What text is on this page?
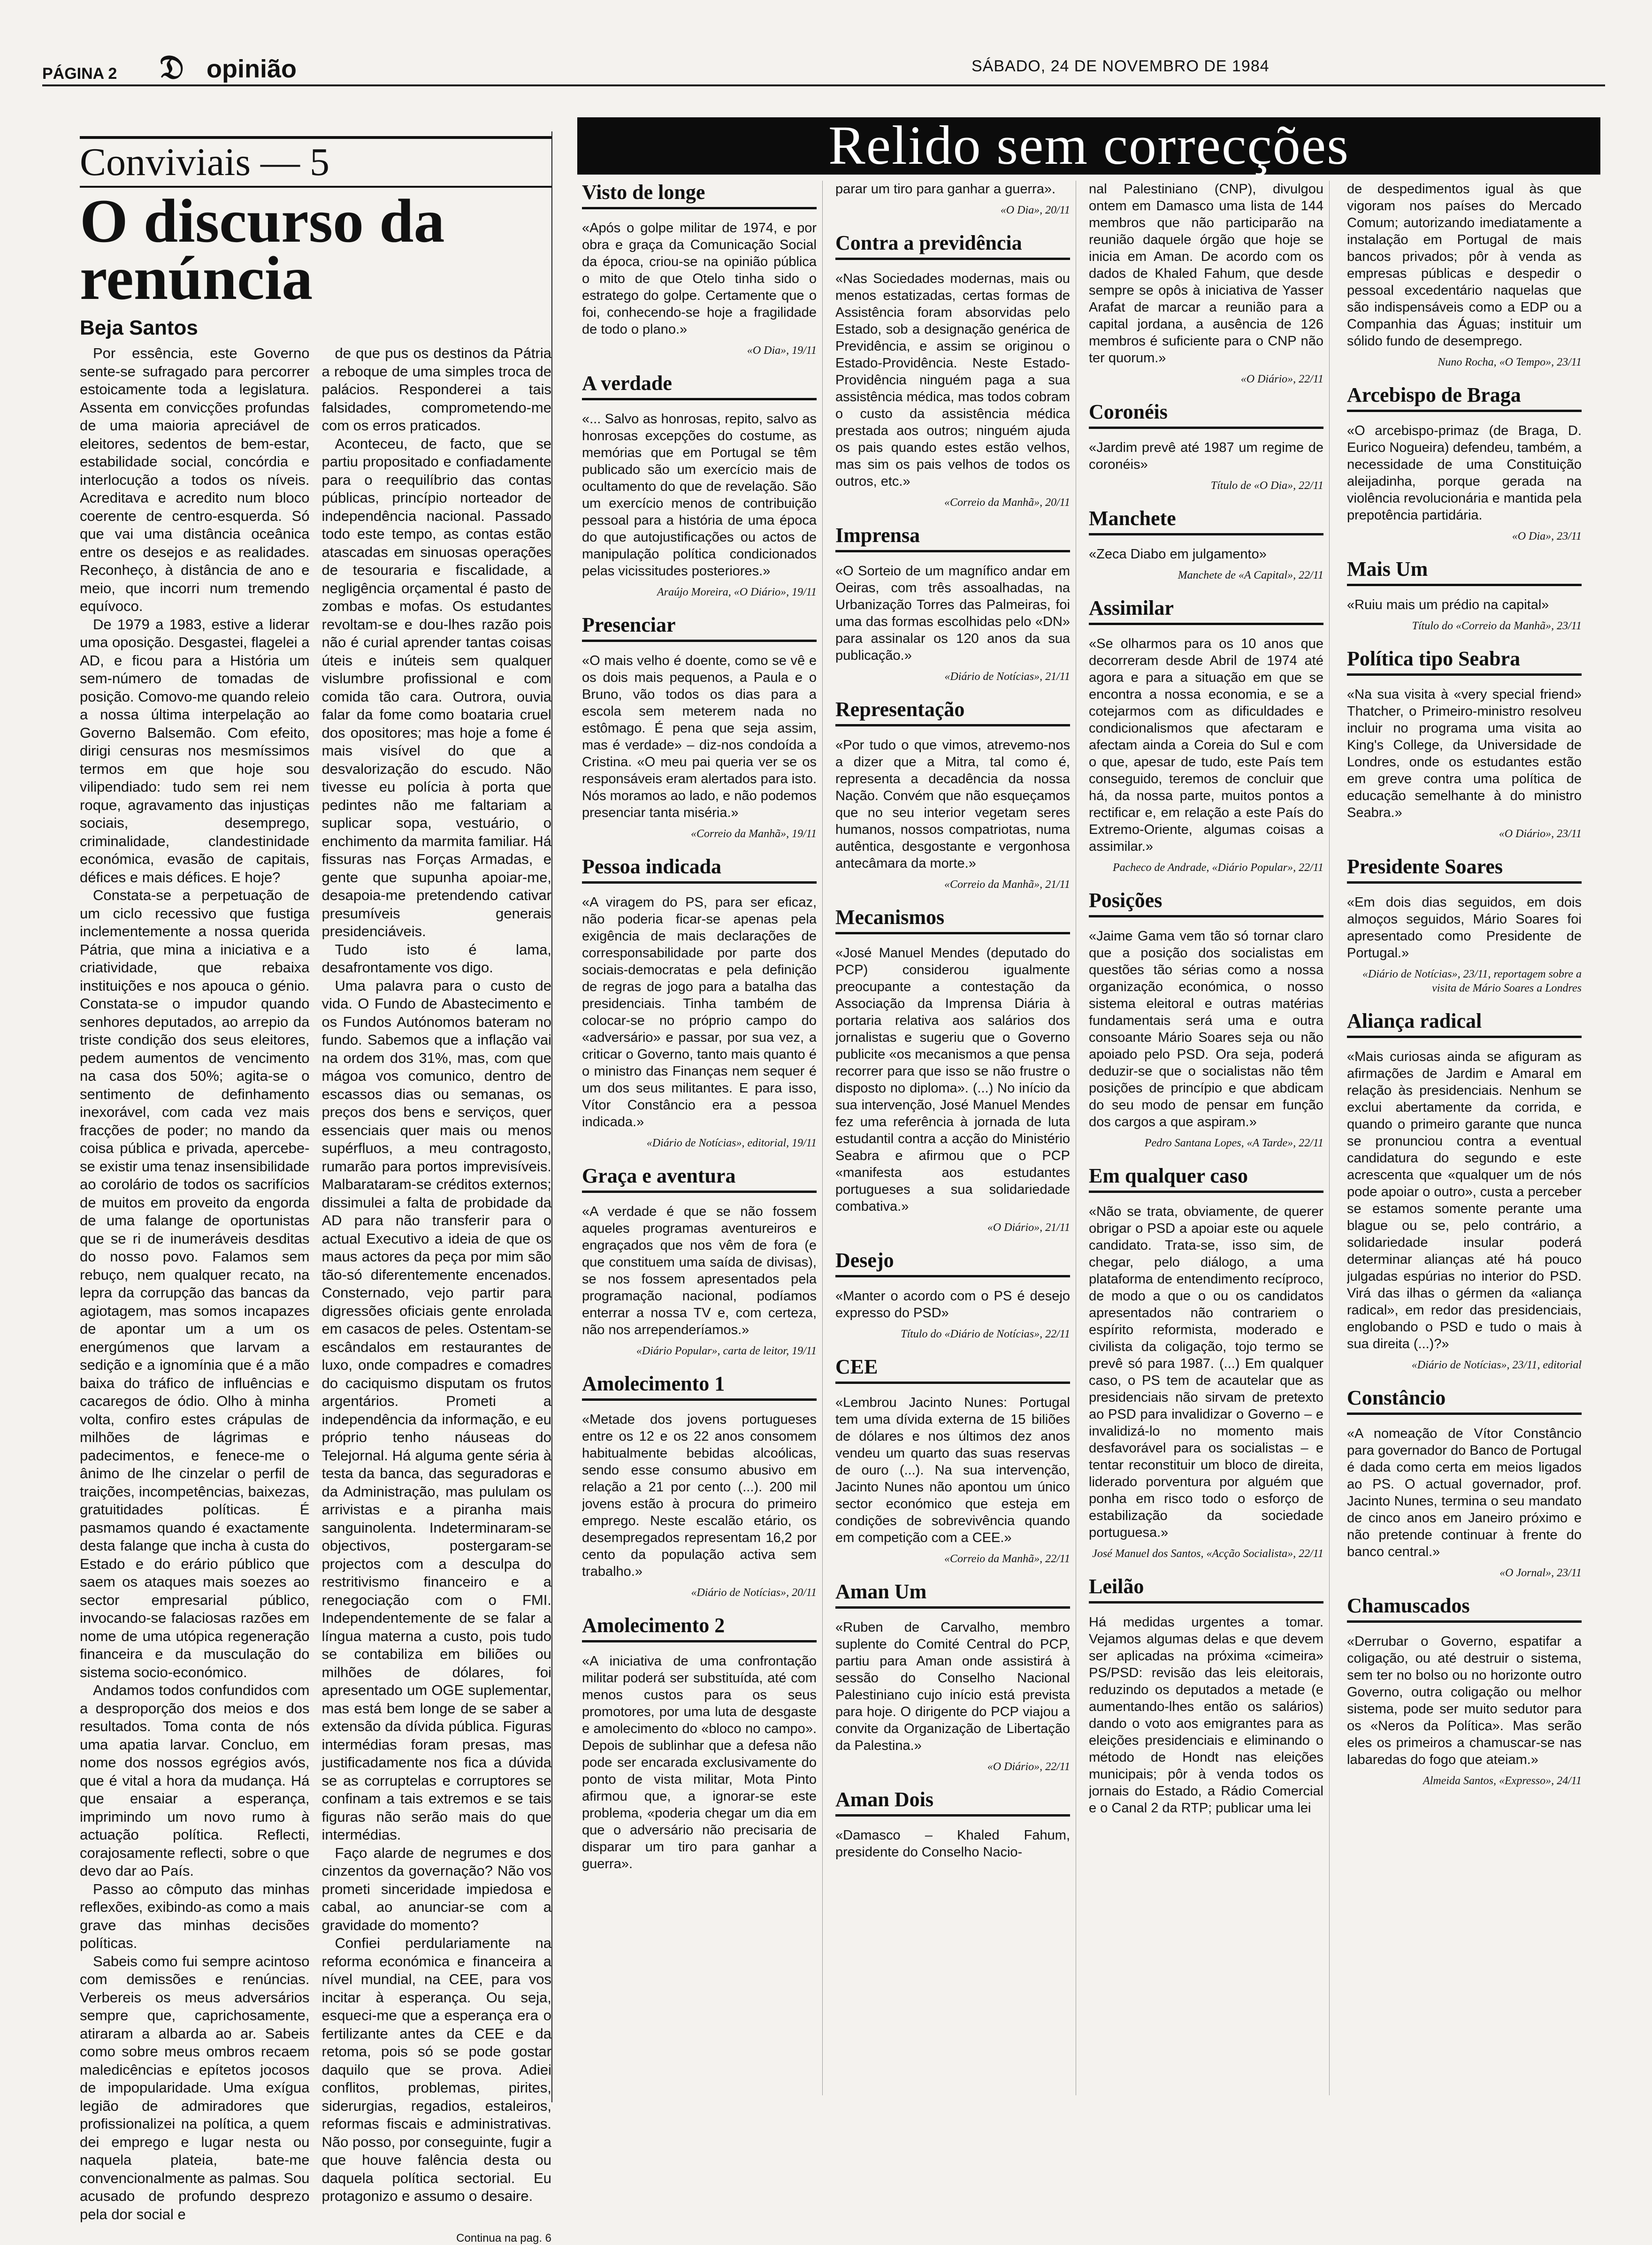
PÁGINA 2 𝔇 opinião	SÁBADO, 24 DE NOVEMBRO DE 1984
Conviviais — 5
O discurso da renúncia
Beja Santos

Por essência, este Governo sente-se sufragado para percorrer estoicamente toda a legislatura. Assenta em convicções profundas de uma maioria apreciável de eleitores, sedentos de bem-estar, estabilidade social, concórdia e interlocução a todos os níveis. Acreditava e acredito num bloco coerente de centro-esquerda. Só que vai uma distância oceânica entre os desejos e as realidades. Reconheço, à distância de ano e meio, que incorri num tremendo equívoco.

De 1979 a 1983, estive a liderar uma oposição. Desgastei, flagelei a AD, e ficou para a História um sem-número de tomadas de posição. Comovo-me quando releio a nossa última interpelação ao Governo Balsemão. Com efeito, dirigi censuras nos mesmíssimos termos em que hoje sou vilipendiado: tudo sem rei nem roque, agravamento das injustiças sociais, desemprego, criminalidade, clandestinidade económica, evasão de capitais, défices e mais défices. E hoje?

Constata-se a perpetuação de um ciclo recessivo que fustiga inclementemente a nossa querida Pátria, que mina a iniciativa e a criatividade, que rebaixa instituições e nos apouca o génio. Constata-se o impudor quando senhores deputados, ao arrepio da triste condição dos seus eleitores, pedem aumentos de vencimento na casa dos 50%; agita-se o sentimento de definhamento inexorável, com cada vez mais fracções de poder; no mando da coisa pública e privada, apercebe-se existir uma tenaz insensibilidade ao corolário de todos os sacrifícios de muitos em proveito da engorda de uma falange de oportunistas que se ri de inumeráveis desditas do nosso povo. Falamos sem rebuço, nem qualquer recato, na lepra da corrupção das bancas da agiotagem, mas somos incapazes de apontar um a um os energúmenos que larvam a sedição e a ignomínia que é a mão baixa do tráfico de influências e cacaregos de ódio. Olho à minha volta, confiro estes crápulas de milhões de lágrimas e padecimentos, e fenece-me o ânimo de lhe cinzelar o perfil de traições, incompetências, baixezas, gratuitidades políticas. É pasmamos quando é exactamente desta falange que incha à custa do Estado e do erário público que saem os ataques mais soezes ao sector empresarial público, invocando-se falaciosas razões em nome de uma utópica regeneração financeira e da musculação do sistema socio-económico.

Andamos todos confundidos com a desproporção dos meios e dos resultados. Toma conta de nós uma apatia larvar. Concluo, em nome dos nossos egrégios avós, que é vital a hora da mudança. Há que ensaiar a esperança, imprimindo um novo rumo à actuação política. Reflecti, corajosamente reflecti, sobre o que devo dar ao País.

Passo ao cômputo das minhas reflexões, exibindo-as como a mais grave das minhas decisões políticas.

Sabeis como fui sempre acintoso com demissões e renúncias. Verbereis os meus adversários sempre que, caprichosamente, atiraram a albarda ao ar. Sabeis como sobre meus ombros recaem maledicências e epítetos jocosos de impopularidade. Uma exígua legião de admiradores que profissionalizei na política, a quem dei emprego e lugar nesta ou naquela plateia, bate-me convencionalmente as palmas. Sou acusado de profundo desprezo pela dor social e

de que pus os destinos da Pátria a reboque de uma simples troca de palácios. Responderei a tais falsidades, comprometendo-me com os erros praticados.

Aconteceu, de facto, que se partiu propositado e confiadamente para o reequilíbrio das contas públicas, princípio norteador de independência nacional. Passado todo este tempo, as contas estão atascadas em sinuosas operações de tesouraria e fiscalidade, a negligência orçamental é pasto de zombas e mofas. Os estudantes revoltam-se e dou-lhes razão pois não é curial aprender tantas coisas úteis e inúteis sem qualquer vislumbre profissional e com comida tão cara. Outrora, ouvia falar da fome como boataria cruel dos opositores; mas hoje a fome é mais visível do que a desvalorização do escudo. Não tivesse eu polícia à porta que pedintes não me faltariam a suplicar sopa, vestuário, o enchimento da marmita familiar. Há fissuras nas Forças Armadas, e gente que supunha apoiar-me, desapoia-me pretendendo cativar presumíveis generais presidenciáveis.

Tudo isto é lama, desafrontamente vos digo.

Uma palavra para o custo de vida. O Fundo de Abastecimento e os Fundos Autónomos bateram no fundo. Sabemos que a inflação vai na ordem dos 31%, mas, com que mágoa vos comunico, dentro de escassos dias ou semanas, os preços dos bens e serviços, quer essenciais quer mais ou menos supérfluos, a meu contragosto, rumarão para portos imprevisíveis. Malbarataram-se créditos externos; dissimulei a falta de probidade da AD para não transferir para o actual Executivo a ideia de que os maus actores da peça por mim são tão-só diferentemente encenados. Consternado, vejo partir para digressões oficiais gente enrolada em casacos de peles. Ostentam-se escândalos em restaurantes de luxo, onde compadres e comadres do caciquismo disputam os frutos argentários. Prometi a independência da informação, e eu próprio tenho náuseas do Telejornal. Há alguma gente séria à testa da banca, das seguradoras e da Administração, mas pululam os arrivistas e a piranha mais sanguinolenta. Indeterminaram-se objectivos, postergaram-se projectos com a desculpa do restritivismo financeiro e a renegociação com o FMI. Independentemente de se falar a língua materna a custo, pois tudo se contabiliza em biliões ou milhões de dólares, foi apresentado um OGE suplementar, mas está bem longe de se saber a extensão da dívida pública. Figuras intermédias foram presas, mas justificadamente nos fica a dúvida se as corruptelas e corruptores se confinam a tais extremos e se tais figuras não serão mais do que intermédias.

Faço alarde de negrumes e dos cinzentos da governação? Não vos prometi sinceridade impiedosa e cabal, ao anunciar-se com a gravidade do momento?

Confiei perdulariamente na reforma económica e financeira a nível mundial, na CEE, para vos incitar à esperança. Ou seja, esqueci-me que a esperança era o fertilizante antes da CEE e da retoma, pois só se pode gostar daquilo que se prova. Adiei conflitos, problemas, pirites, siderurgias, regadios, estaleiros, reformas fiscais e administrativas. Não posso, por conseguinte, fugir a que houve falência desta ou daquela política sectorial. Eu protagonizo e assumo o desaire.

Continua na pag. 6
Relido sem correcções
Visto de longe
«Após o golpe militar de 1974, e por obra e graça da Comunicação Social da época, criou-se na opinião pública o mito de que Otelo tinha sido o estratego do golpe. Certamente que o foi, conhecendo-se hoje a fragilidade de todo o plano.»
«O Dia», 19/11
A verdade
«... Salvo as honrosas, repito, salvo as honrosas excepções do costume, as memórias que em Portugal se têm publicado são um exercício mais de ocultamento do que de revelação. São um exercício menos de contribuição pessoal para a história de uma época do que autojustificações ou actos de manipulação política condicionados pelas vicissitudes posteriores.»
Araújo Moreira, «O Diário», 19/11
Presenciar
«O mais velho é doente, como se vê e os dois mais pequenos, a Paula e o Bruno, vão todos os dias para a escola sem meterem nada no estômago. É pena que seja assim, mas é verdade» – diz-nos condoída a Cristina. «O meu pai queria ver se os responsáveis eram alertados para isto. Nós moramos ao lado, e não podemos presenciar tanta miséria.»
«Correio da Manhã», 19/11
Pessoa indicada
«A viragem do PS, para ser eficaz, não poderia ficar-se apenas pela exigência de mais declarações de corresponsabilidade por parte dos sociais-democratas e pela definição de regras de jogo para a batalha das presidenciais. Tinha também de colocar-se no próprio campo do «adversário» e passar, por sua vez, a criticar o Governo, tanto mais quanto é o ministro das Finanças nem sequer é um dos seus militantes. E para isso, Vítor Constâncio era a pessoa indicada.»
«Diário de Notícias», editorial, 19/11
Graça e aventura
«A verdade é que se não fossem aqueles programas aventureiros e engraçados que nos vêm de fora (e que constituem uma saída de divisas), se nos fossem apresentados pela programação nacional, podíamos enterrar a nossa TV e, com certeza, não nos arrependeríamos.»
«Diário Popular», carta de leitor, 19/11
Amolecimento 1
«Metade dos jovens portugueses entre os 12 e os 22 anos consomem habitualmente bebidas alcoólicas, sendo esse consumo abusivo em relação a 21 por cento (...). 200 mil jovens estão à procura do primeiro emprego. Neste escalão etário, os desempregados representam 16,2 por cento da população activa sem trabalho.»
«Diário de Notícias», 20/11
Amolecimento 2
«A iniciativa de uma confrontação militar poderá ser substituída, até com menos custos para os seus promotores, por uma luta de desgaste e amolecimento do «bloco no campo». Depois de sublinhar que a defesa não pode ser encarada exclusivamente do ponto de vista militar, Mota Pinto afirmou que, a ignorar-se este problema, «poderia chegar um dia em que o adversário não precisaria de disparar um tiro para ganhar a guerra».
parar um tiro para ganhar a guerra».
«O Dia», 20/11
Contra a previdência
«Nas Sociedades modernas, mais ou menos estatizadas, certas formas de Assistência foram absorvidas pelo Estado, sob a designação genérica de Previdência, e assim se originou o Estado-Providência. Neste Estado-Providência ninguém paga a sua assistência médica, mas todos cobram o custo da assistência médica prestada aos outros; ninguém ajuda os pais quando estes estão velhos, mas sim os pais velhos de todos os outros, etc.»
«Correio da Manhã», 20/11
Imprensa
«O Sorteio de um magnífico andar em Oeiras, com três assoalhadas, na Urbanização Torres das Palmeiras, foi uma das formas escolhidas pelo «DN» para assinalar os 120 anos da sua publicação.»
«Diário de Notícias», 21/11
Representação
«Por tudo o que vimos, atrevemo-nos a dizer que a Mitra, tal como é, representa a decadência da nossa Nação. Convém que não esqueçamos que no seu interior vegetam seres humanos, nossos compatriotas, numa autêntica, desgostante e vergonhosa antecâmara da morte.»
«Correio da Manhã», 21/11
Mecanismos
«José Manuel Mendes (deputado do PCP) considerou igualmente preocupante a contestação da Associação da Imprensa Diária à portaria relativa aos salários dos jornalistas e sugeriu que o Governo publicite «os mecanismos a que pensa recorrer para que isso se não frustre o disposto no diploma». (...) No início da sua intervenção, José Manuel Mendes fez uma referência à jornada de luta estudantil contra a acção do Ministério Seabra e afirmou que o PCP «manifesta aos estudantes portugueses a sua solidariedade combativa.»
«O Diário», 21/11
Desejo
«Manter o acordo com o PS é desejo expresso do PSD»
Título do «Diário de Notícias», 22/11
CEE
«Lembrou Jacinto Nunes: Portugal tem uma dívida externa de 15 biliões de dólares e nos últimos dez anos vendeu um quarto das suas reservas de ouro (...). Na sua intervenção, Jacinto Nunes não apontou um único sector económico que esteja em condições de sobrevivência quando em competição com a CEE.»
«Correio da Manhã», 22/11
Aman Um
«Ruben de Carvalho, membro suplente do Comité Central do PCP, partiu para Aman onde assistirá à sessão do Conselho Nacional Palestiniano cujo início está prevista para hoje. O dirigente do PCP viajou a convite da Organização de Libertação da Palestina.»
«O Diário», 22/11
Aman Dois
«Damasco – Khaled Fahum, presidente do Conselho Nacio-
nal Palestiniano (CNP), divulgou ontem em Damasco uma lista de 144 membros que não participarão na reunião daquele órgão que hoje se inicia em Aman. De acordo com os dados de Khaled Fahum, que desde sempre se opôs à iniciativa de Yasser Arafat de marcar a reunião para a capital jordana, a ausência de 126 membros é suficiente para o CNP não ter quorum.»
«O Diário», 22/11
Coronéis
«Jardim prevê até 1987 um regime de coronéis»
Título de «O Dia», 22/11
Manchete
«Zeca Diabo em julgamento»
Manchete de «A Capital», 22/11
Assimilar
«Se olharmos para os 10 anos que decorreram desde Abril de 1974 até agora e para a situação em que se encontra a nossa economia, e se a cotejarmos com as dificuldades e condicionalismos que afectaram e afectam ainda a Coreia do Sul e com o que, apesar de tudo, este País tem conseguido, teremos de concluir que há, da nossa parte, muitos pontos a rectificar e, em relação a este País do Extremo-Oriente, algumas coisas a assimilar.»
Pacheco de Andrade, «Diário Popular», 22/11
Posições
«Jaime Gama vem tão só tornar claro que a posição dos socialistas em questões tão sérias como a nossa organização económica, o nosso sistema eleitoral e outras matérias fundamentais será uma e outra consoante Mário Soares seja ou não apoiado pelo PSD. Ora seja, poderá deduzir-se que o socialistas não têm posições de princípio e que abdicam do seu modo de pensar em função dos cargos a que aspiram.»
Pedro Santana Lopes, «A Tarde», 22/11
Em qualquer caso
«Não se trata, obviamente, de querer obrigar o PSD a apoiar este ou aquele candidato. Trata-se, isso sim, de chegar, pelo diálogo, a uma plataforma de entendimento recíproco, de modo a que o ou os candidatos apresentados não contrariem o espírito reformista, moderado e civilista da coligação, tojo termo se prevê só para 1987. (...) Em qualquer caso, o PS tem de acautelar que as presidenciais não sirvam de pretexto ao PSD para invalidizar o Governo – e invalidizá-lo no momento mais desfavorável para os socialistas – e tentar reconstituir um bloco de direita, liderado porventura por alguém que ponha em risco todo o esforço de estabilização da sociedade portuguesa.»
José Manuel dos Santos, «Acção Socialista», 22/11
Leilão
Há medidas urgentes a tomar. Vejamos algumas delas e que devem ser aplicadas na próxima «cimeira» PS/PSD: revisão das leis eleitorais, reduzindo os deputados a metade (e aumentando-lhes então os salários) dando o voto aos emigrantes para as eleições presidenciais e eliminando o método de Hondt nas eleições municipais; pôr à venda todos os jornais do Estado, a Rádio Comercial e o Canal 2 da RTP; publicar uma lei
de despedimentos igual às que vigoram nos países do Mercado Comum; autorizando imediatamente a instalação em Portugal de mais bancos privados; pôr à venda as empresas públicas e despedir o pessoal excedentário naquelas que são indispensáveis como a EDP ou a Companhia das Águas; instituir um sólido fundo de desemprego.
Nuno Rocha, «O Tempo», 23/11
Arcebispo de Braga
«O arcebispo-primaz (de Braga, D. Eurico Nogueira) defendeu, também, a necessidade de uma Constituição aleijadinha, porque gerada na violência revolucionária e mantida pela prepotência partidária.
«O Dia», 23/11
Mais Um
«Ruiu mais um prédio na capital»
Título do «Correio da Manhã», 23/11
Política tipo Seabra
«Na sua visita à «very special friend» Thatcher, o Primeiro-ministro resolveu incluir no programa uma visita ao King's College, da Universidade de Londres, onde os estudantes estão em greve contra uma política de educação semelhante à do ministro Seabra.»
«O Diário», 23/11
Presidente Soares
«Em dois dias seguidos, em dois almoços seguidos, Mário Soares foi apresentado como Presidente de Portugal.»
«Diário de Notícias», 23/11, reportagem sobre a visita de Mário Soares a Londres
Aliança radical
«Mais curiosas ainda se afiguram as afirmações de Jardim e Amaral em relação às presidenciais. Nenhum se exclui abertamente da corrida, e quando o primeiro garante que nunca se pronunciou contra a eventual candidatura do segundo e este acrescenta que «qualquer um de nós pode apoiar o outro», custa a perceber se estamos somente perante uma blague ou se, pelo contrário, a solidariedade insular poderá determinar alianças até há pouco julgadas espúrias no interior do PSD. Virá das ilhas o gérmen da «aliança radical», em redor das presidenciais, englobando o PSD e tudo o mais à sua direita (...)?»
«Diário de Notícias», 23/11, editorial
Constâncio
«A nomeação de Vítor Constâncio para governador do Banco de Portugal é dada como certa em meios ligados ao PS. O actual governador, prof. Jacinto Nunes, termina o seu mandato de cinco anos em Janeiro próximo e não pretende continuar à frente do banco central.»
«O Jornal», 23/11
Chamuscados
«Derrubar o Governo, espatifar a coligação, ou até destruir o sistema, sem ter no bolso ou no horizonte outro Governo, outra coligação ou melhor sistema, pode ser muito sedutor para os «Neros da Política». Mas serão eles os primeiros a chamuscar-se nas labaredas do fogo que ateiam.»
Almeida Santos, «Expresso», 24/11
